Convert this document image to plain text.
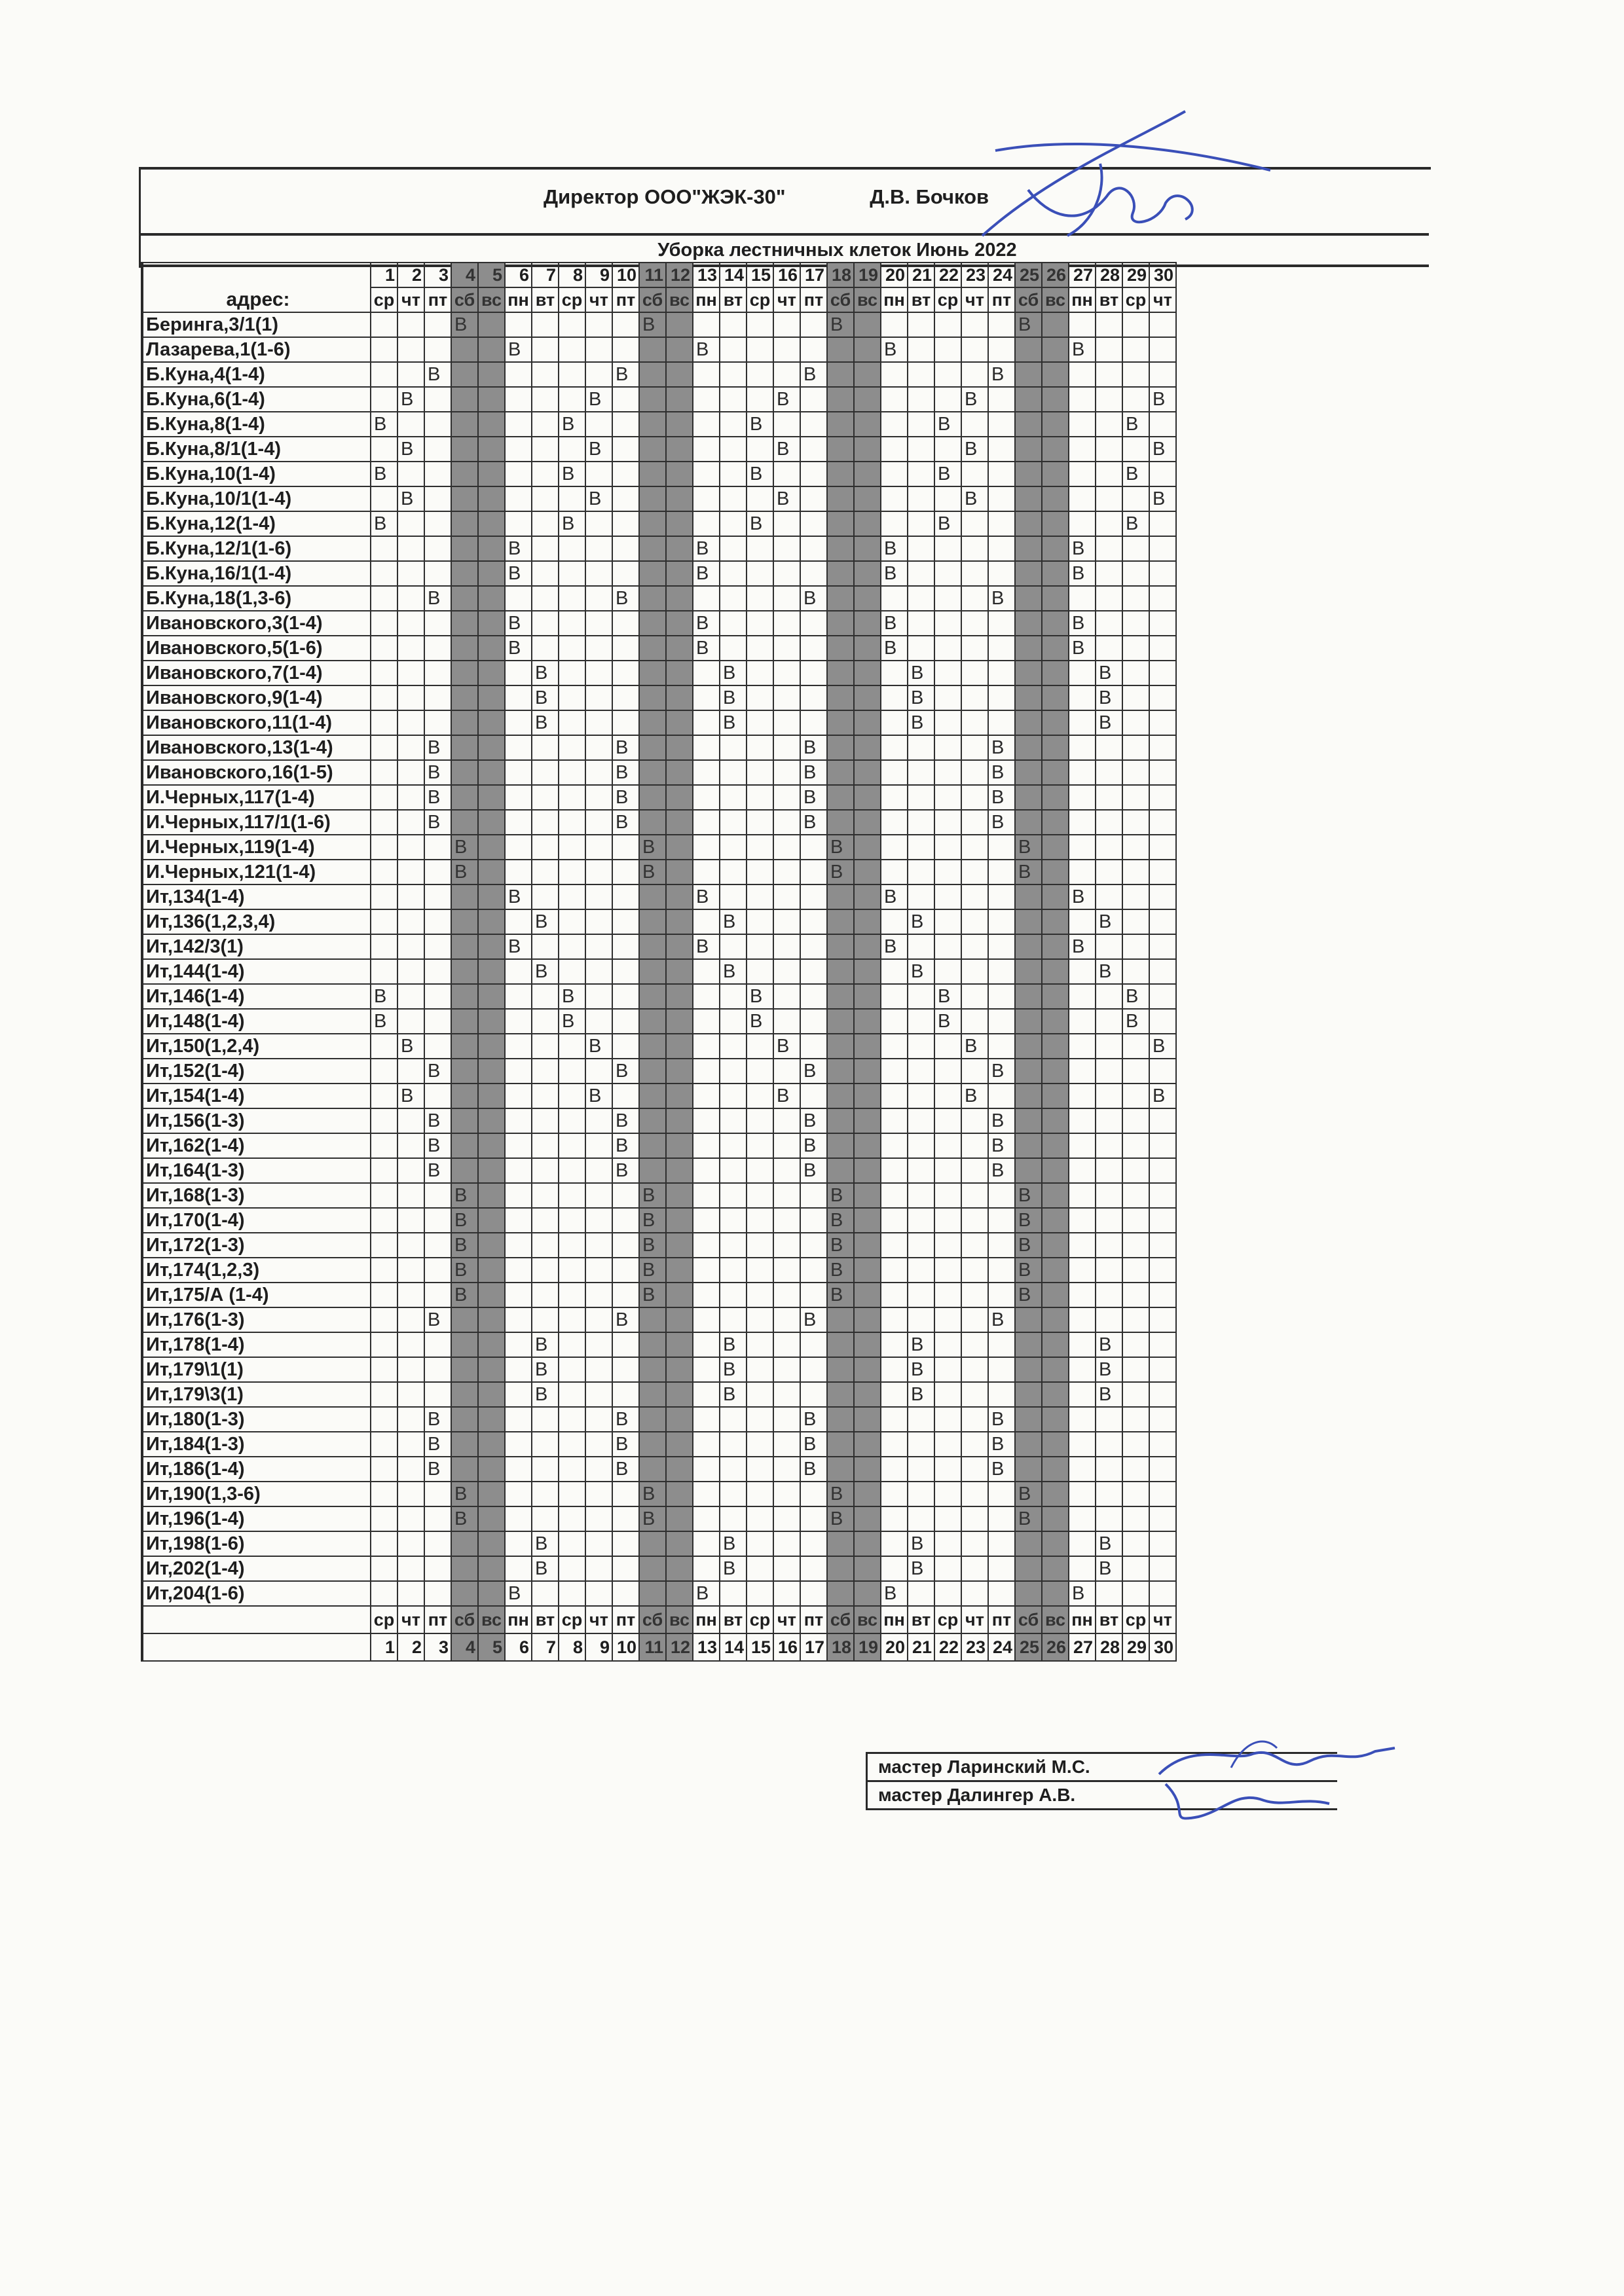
Директор ООО"ЖЭК-30"	Д.В. Бочков
Уборка лестничных клеток Июнь 2022
адрес:	1	2	3	4	5	6	7	8	9	10	11	12	13	14	15	16	17	18	19	20	21	22	23	24	25	26	27	28	29	30
	ср	чт	пт	сб	вс	пн	вт	ср	чт	пт	сб	вс	пн	вт	ср	чт	пт	сб	вс	пн	вт	ср	чт	пт	сб	вс	пн	вт	ср	чт
Беринга,3/1(1)				В							В							В							В					
Лазарева,1(1-6)						В							В							В							В			
Б.Куна,4(1-4)			В							В							В							В						
Б.Куна,6(1-4)		В							В							В							В							В
Б.Куна,8(1-4)	В							В							В							В							В	
Б.Куна,8/1(1-4)		В							В							В							В							В
Б.Куна,10(1-4)	В							В							В							В							В	
Б.Куна,10/1(1-4)		В							В							В							В							В
Б.Куна,12(1-4)	В							В							В							В							В	
Б.Куна,12/1(1-6)						В							В							В							В			
Б.Куна,16/1(1-4)						В							В							В							В			
Б.Куна,18(1,3-6)			В							В							В							В						
Ивановского,3(1-4)						В							В							В							В			
Ивановского,5(1-6)						В							В							В							В			
Ивановского,7(1-4)							В							В							В							В		
Ивановского,9(1-4)							В							В							В							В		
Ивановского,11(1-4)							В							В							В							В		
Ивановского,13(1-4)			В							В							В							В						
Ивановского,16(1-5)			В							В							В							В						
И.Черных,117(1-4)			В							В							В							В						
И.Черных,117/1(1-6)			В							В							В							В						
И.Черных,119(1-4)				В							В							В							В					
И.Черных,121(1-4)				В							В							В							В					
Ит,134(1-4)						В							В							В							В			
Ит,136(1,2,3,4)							В							В							В							В		
Ит,142/3(1)						В							В							В							В			
Ит,144(1-4)							В							В							В							В		
Ит,146(1-4)	В							В							В							В							В	
Ит,148(1-4)	В							В							В							В							В	
Ит,150(1,2,4)		В							В							В							В							В
Ит,152(1-4)			В							В							В							В						
Ит,154(1-4)		В							В							В							В							В
Ит,156(1-3)			В							В							В							В						
Ит,162(1-4)			В							В							В							В						
Ит,164(1-3)			В							В							В							В						
Ит,168(1-3)				В							В							В							В					
Ит,170(1-4)				В							В							В							В					
Ит,172(1-3)				В							В							В							В					
Ит,174(1,2,3)				В							В							В							В					
Ит,175/А (1-4)				В							В							В							В					
Ит,176(1-3)			В							В							В							В						
Ит,178(1-4)							В							В							В							В		
Ит,179\1(1)							В							В							В							В		
Ит,179\3(1)							В							В							В							В		
Ит,180(1-3)			В							В							В							В						
Ит,184(1-3)			В							В							В							В						
Ит,186(1-4)			В							В							В							В						
Ит,190(1,3-6)				В							В							В							В					
Ит,196(1-4)				В							В							В							В					
Ит,198(1-6)							В							В							В							В		
Ит,202(1-4)							В							В							В							В		
Ит,204(1-6)						В							В							В							В			
	ср	чт	пт	сб	вс	пн	вт	ср	чт	пт	сб	вс	пн	вт	ср	чт	пт	сб	вс	пн	вт	ср	чт	пт	сб	вс	пн	вт	ср	чт
	1	2	3	4	5	6	7	8	9	10	11	12	13	14	15	16	17	18	19	20	21	22	23	24	25	26	27	28	29	30
мастер Ларинский М.С.
мастер Далингер А.В.
